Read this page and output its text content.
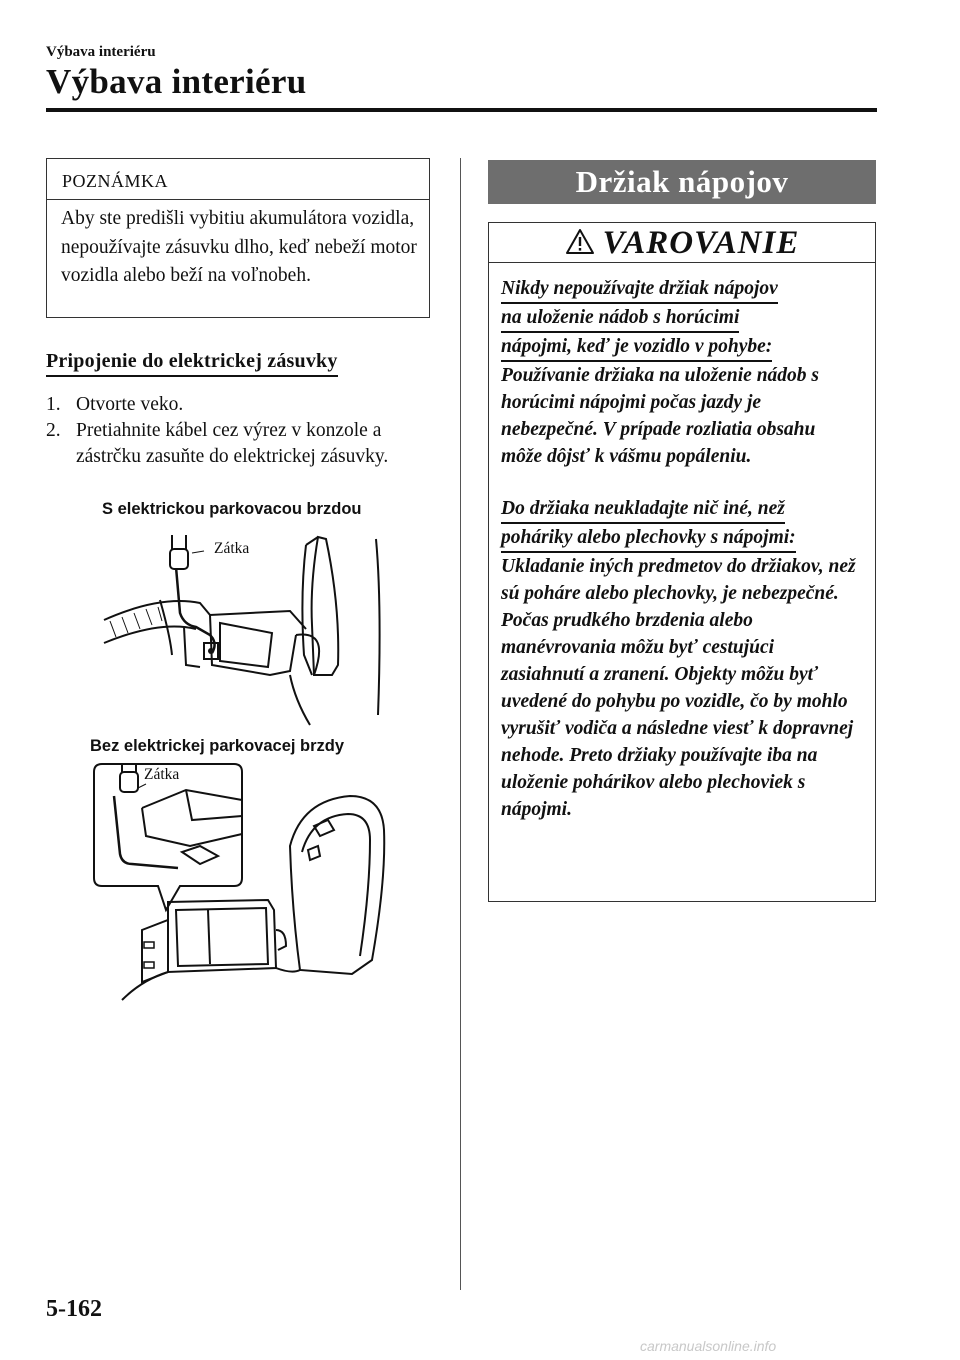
Výbava interiéru
Výbava interiéru
POZNÁMKA
Aby ste predišli vybitiu akumulátora vozidla, nepoužívajte zásuvku dlho, keď nebeží motor vozidla alebo beží na voľnobeh.
Pripojenie do elektrickej zásuvky
1. Otvorte veko.
2. Pretiahnite kábel cez výrez v konzole a zástrčku zasuňte do elektrickej zásuvky.
S elektrickou parkovacou brzdou
Zátka
Bez elektrickej parkovacej brzdy
Zátka
Držiak nápojov
VAROVANIE
Nikdy nepoužívajte držiak nápojov
na uloženie nádob s horúcimi
nápojmi, keď je vozidlo v pohybe:
Používanie držiaka na uloženie nádob s horúcimi nápojmi počas jazdy je nebezpečné. V prípade rozliatia obsahu môže dôjsť k vášmu popáleniu.
Do držiaka neukladajte nič iné, než
poháriky alebo plechovky s nápojmi:
Ukladanie iných predmetov do držiakov, než sú poháre alebo plechovky, je nebezpečné. Počas prudkého brzdenia alebo manévrovania môžu byť cestujúci zasiahnutí a zranení. Objekty môžu byť uvedené do pohybu po vozidle, čo by mohlo vyrušiť vodiča a následne viesť k dopravnej nehode. Preto držiaky používajte iba na uloženie pohárikov alebo plechoviek s nápojmi.
5-162
carmanualsonline.info
